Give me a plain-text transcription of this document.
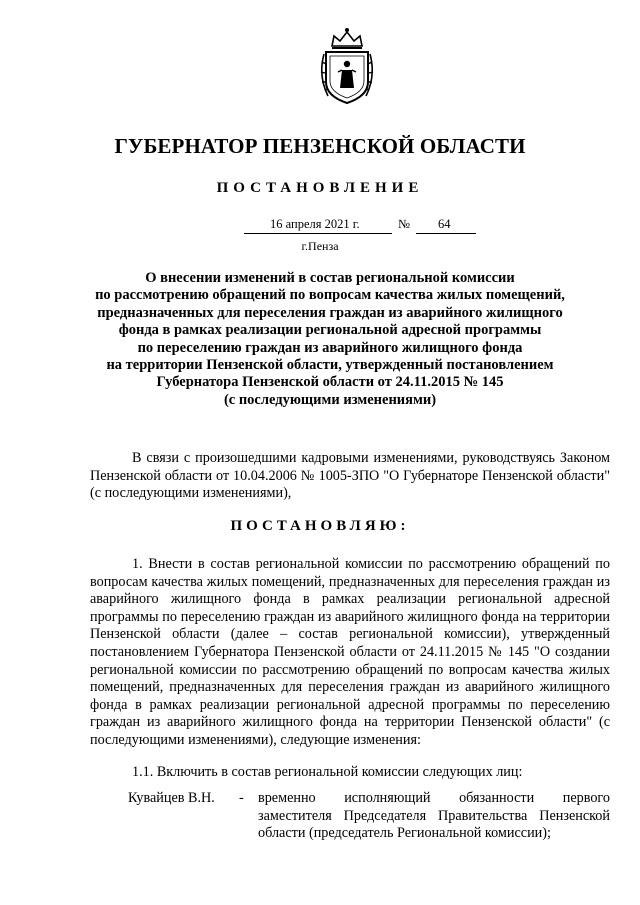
ГУБЕРНАТОР ПЕНЗЕНСКОЙ ОБЛАСТИ
ПОСТАНОВЛЕНИЕ
16 апреля 2021 г.	№ 64
г.Пенза
О внесении изменений в состав региональной комиссии
по рассмотрению обращений по вопросам качества жилых помещений,
предназначенных для переселения граждан из аварийного жилищного
фонда в рамках реализации региональной адресной программы
по переселению граждан из аварийного жилищного фонда
на территории Пензенской области, утвержденный постановлением
Губернатора Пензенской области от 24.11.2015 № 145
(с последующими изменениями)
В связи с произошедшими кадровыми изменениями, руководствуясь Законом Пензенской области от 10.04.2006 № 1005-ЗПО "О Губернаторе Пензенской области" (с последующими изменениями),
ПОСТАНОВЛЯЮ:
1. Внести в состав региональной комиссии по рассмотрению обращений по вопросам качества жилых помещений, предназначенных для переселения граждан из аварийного жилищного фонда в рамках реализации региональной адресной программы по переселению граждан из аварийного жилищного фонда на территории Пензенской области (далее – состав региональной комиссии), утвержденный постановлением Губернатора Пензенской области от 24.11.2015 № 145 "О создании региональной комиссии по рассмотрению обращений по вопросам качества жилых помещений, предназначенных для переселения граждан из аварийного жилищного фонда в рамках реализации региональной адресной программы по переселению граждан из аварийного жилищного фонда на территории Пензенской области" (с последующими изменениями), следующие изменения:
1.1. Включить в состав региональной комиссии следующих лиц:
Кувайцев В.Н. - временно исполняющий обязанности первого заместителя Председателя Правительства Пензенской области (председатель Региональной комиссии);
